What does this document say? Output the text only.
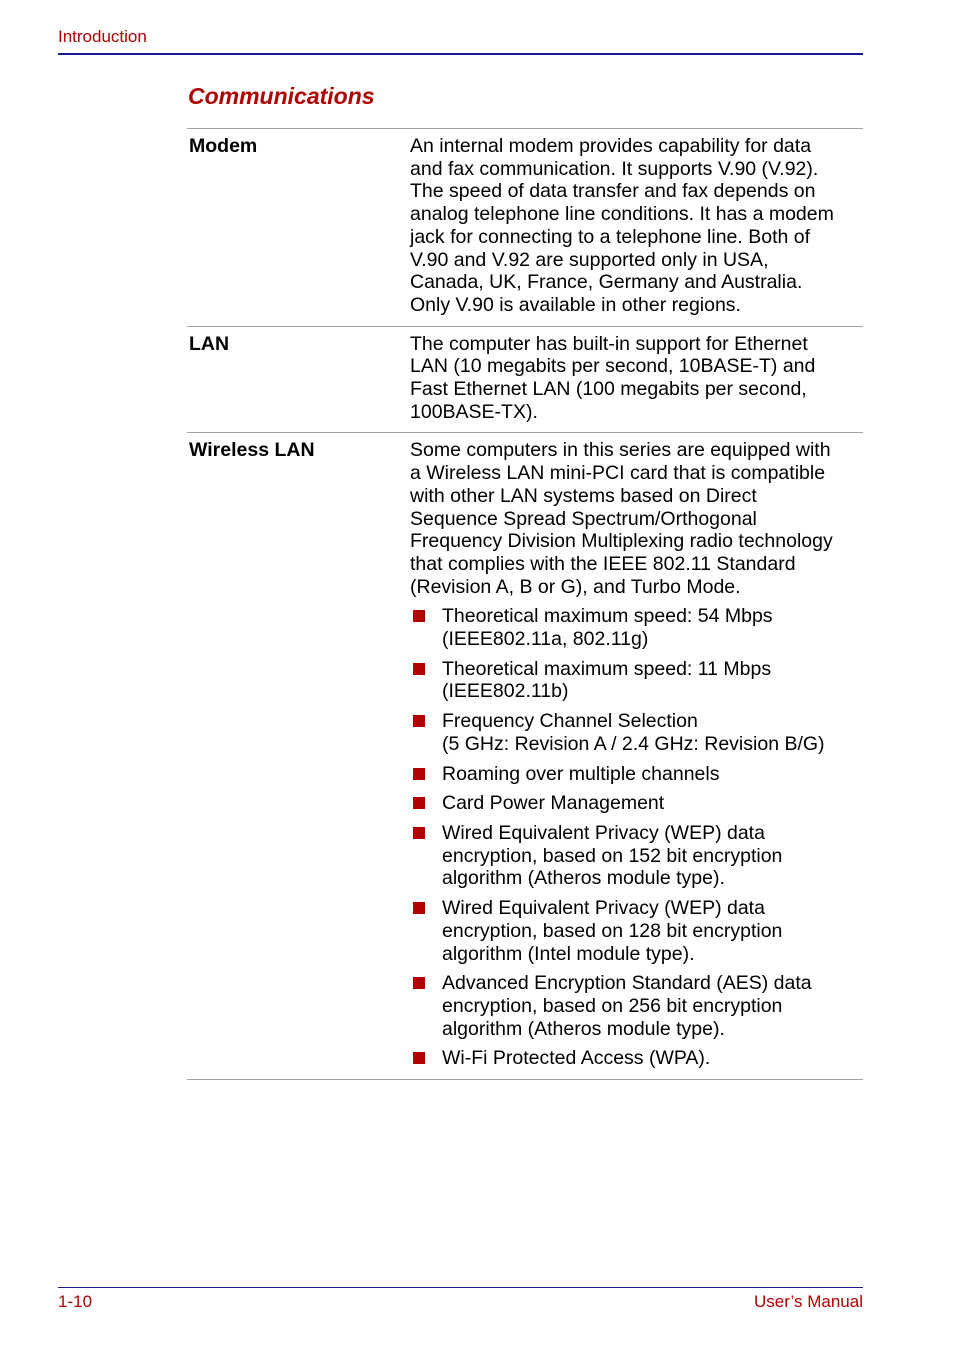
Introduction
Communications
Modem	An internal modem provides capability for data
and fax communication. It supports V.90 (V.92).
The speed of data transfer and fax depends on
analog telephone line conditions. It has a modem
jack for connecting to a telephone line. Both of
V.90 and V.92 are supported only in USA,
Canada, UK, France, Germany and Australia.
Only V.90 is available in other regions.
LAN	The computer has built-in support for Ethernet
LAN (10 megabits per second, 10BASE-T) and
Fast Ethernet LAN (100 megabits per second,
100BASE-TX).
Wireless LAN	Some computers in this series are equipped with
a Wireless LAN mini-PCI card that is compatible
with other LAN systems based on Direct
Sequence Spread Spectrum/Orthogonal
Frequency Division Multiplexing radio technology
that complies with the IEEE 802.11 Standard
(Revision A, B or G), and Turbo Mode.
Theoretical maximum speed: 54 Mbps
(IEEE802.11a, 802.11g)
Theoretical maximum speed: 11 Mbps
(IEEE802.11b)
Frequency Channel Selection
(5 GHz: Revision A / 2.4 GHz: Revision B/G)
Roaming over multiple channels
Card Power Management
Wired Equivalent Privacy (WEP) data
encryption, based on 152 bit encryption
algorithm (Atheros module type).
Wired Equivalent Privacy (WEP) data
encryption, based on 128 bit encryption
algorithm (Intel module type).
Advanced Encryption Standard (AES) data
encryption, based on 256 bit encryption
algorithm (Atheros module type).
Wi-Fi Protected Access (WPA).
1-10	User’s Manual
